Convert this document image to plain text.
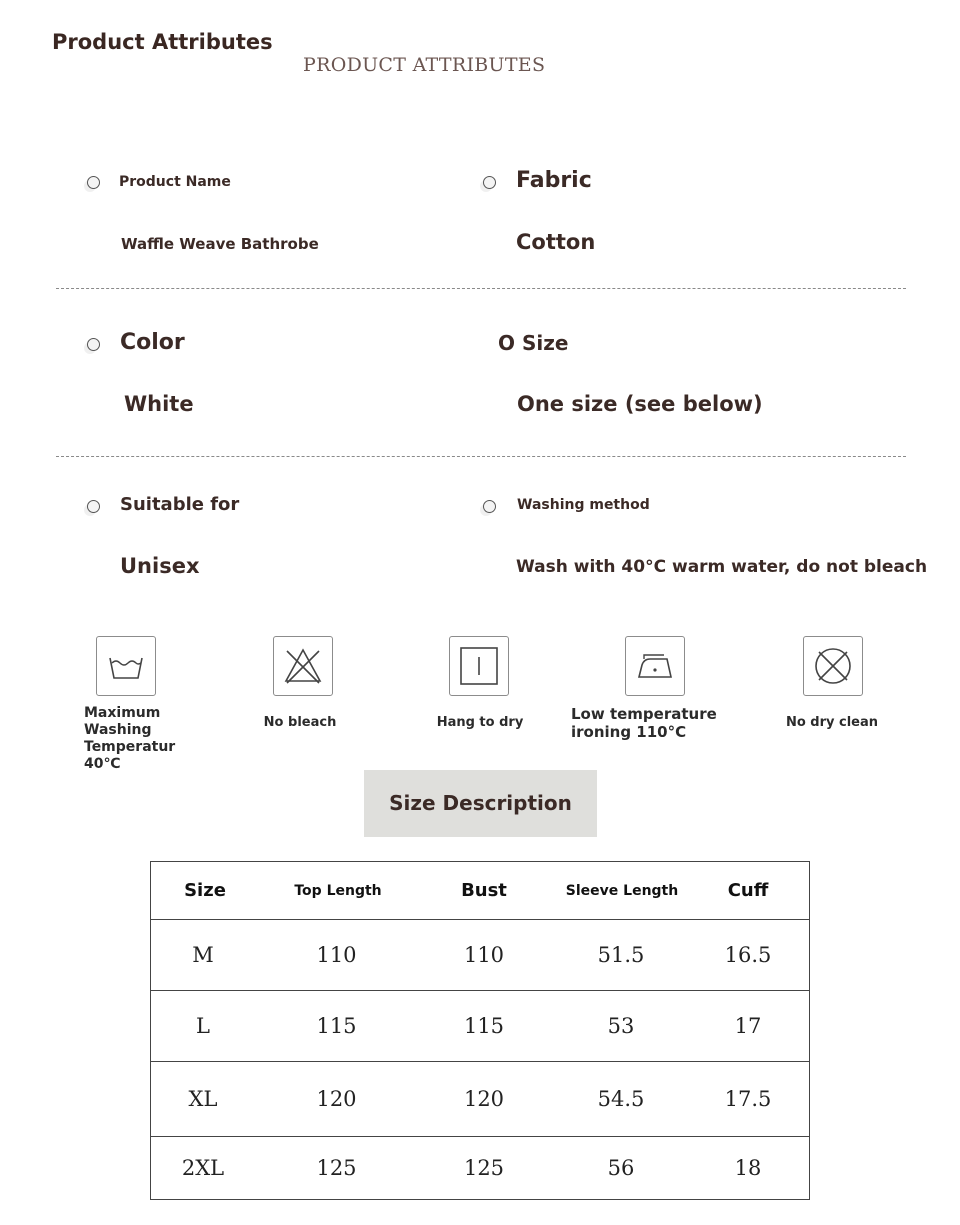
Product Attributes
PRODUCT ATTRIBUTES
Product Name
Waffle Weave Bathrobe
Fabric
Cotton
Color
White
O Size
One size (see below)
Suitable for
Unisex
Washing method
Wash with 40°C warm water, do not bleach
Maximum Washing Temperatur 40℃
No bleach	Hang to dry	Low temperature ironing 110°C
No dry clean
Size Description
Size	Top Length	Bust	Sleeve Length	Cuff
M	110	110	51.5	16.5
L	115	115	53	17
XL	120	120	54.5	17.5
2XL	125	125	56	18
